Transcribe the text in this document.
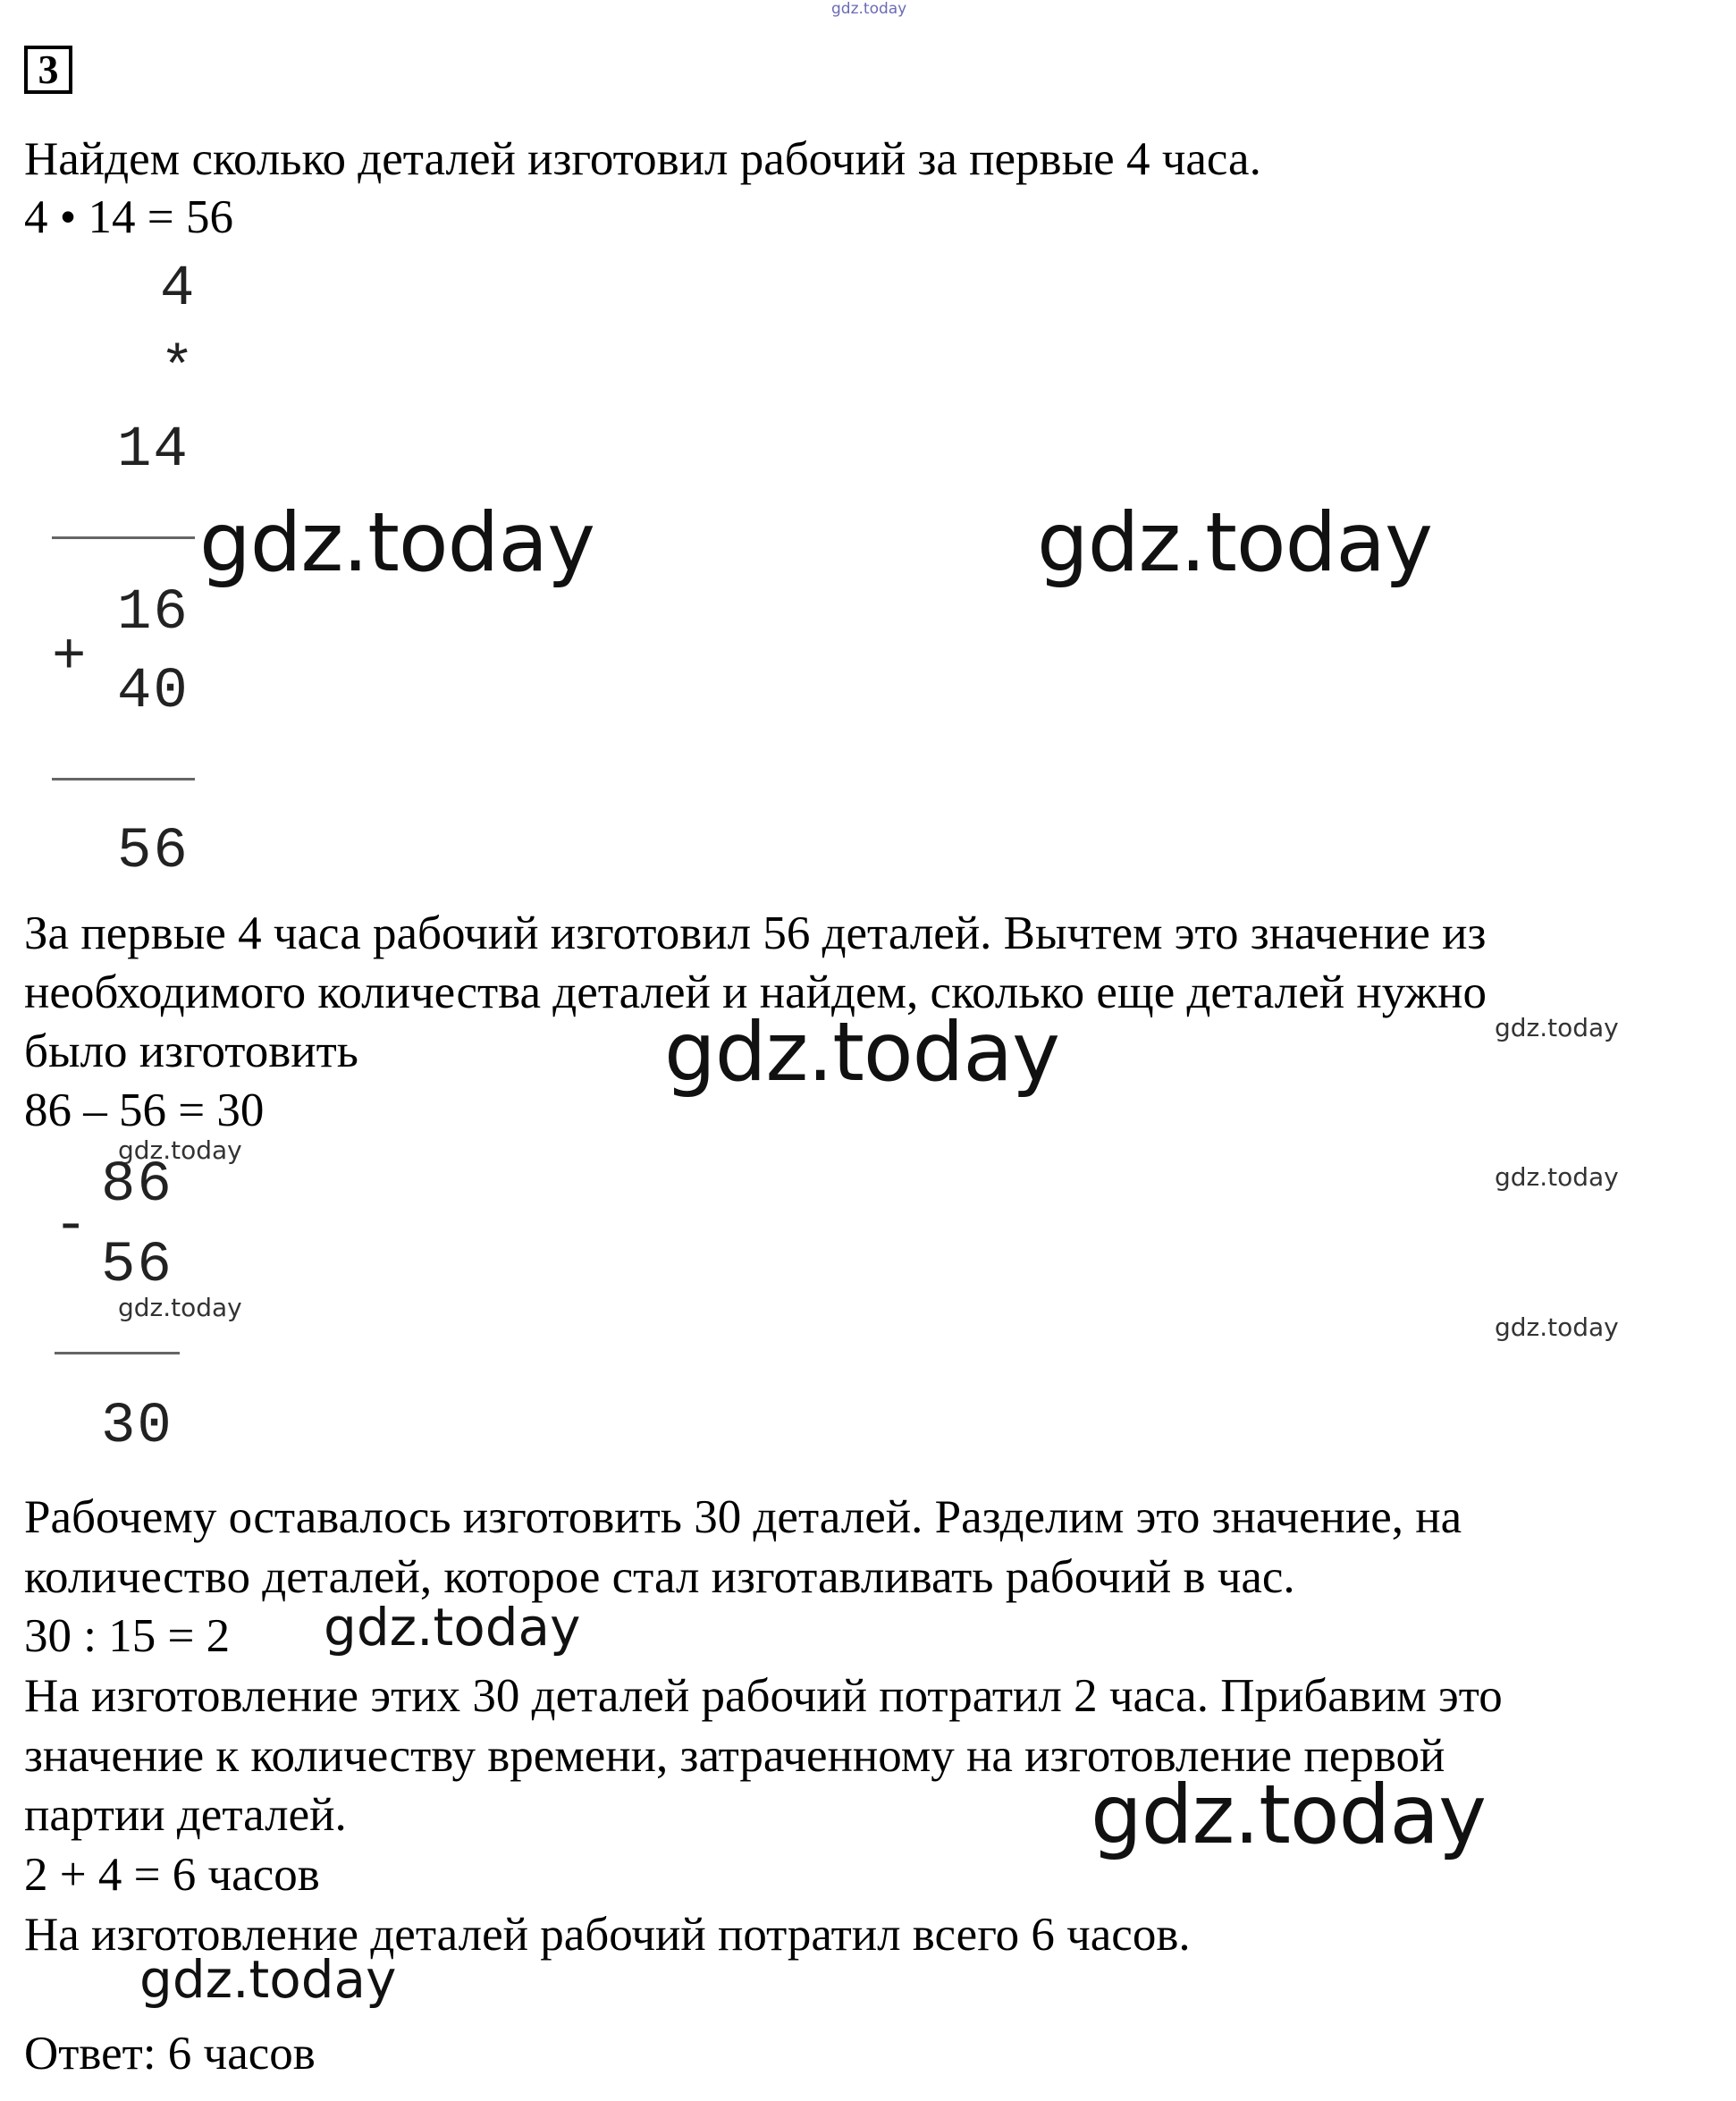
gdz.today
3
Найдем сколько деталей изготовил рабочий за первые 4 часа.
4 • 14 = 56
4
*
14
16
+
40
56
gdz.today	gdz.today
За первые 4 часа рабочий изготовил 56 деталей. Вычтем это значение из
необходимого количества деталей и найдем, сколько еще деталей нужно
было изготовить	gdz.today	gdz.today
86 – 56 = 30
gdz.today
86
-
56
gdz.today
30
gdz.today
gdz.today
Рабочему оставалось изготовить 30 деталей. Разделим это значение, на
количество деталей, которое стал изготавливать рабочий в час.
30 : 15 = 2 gdz.today
На изготовление этих 30 деталей рабочий потратил 2 часа. Прибавим это
значение к количеству времени, затраченному на изготовление первой
партии деталей.	gdz.today
2 + 4 = 6 часов
На изготовление деталей рабочий потратил всего 6 часов.
gdz.today
Ответ: 6 часов
